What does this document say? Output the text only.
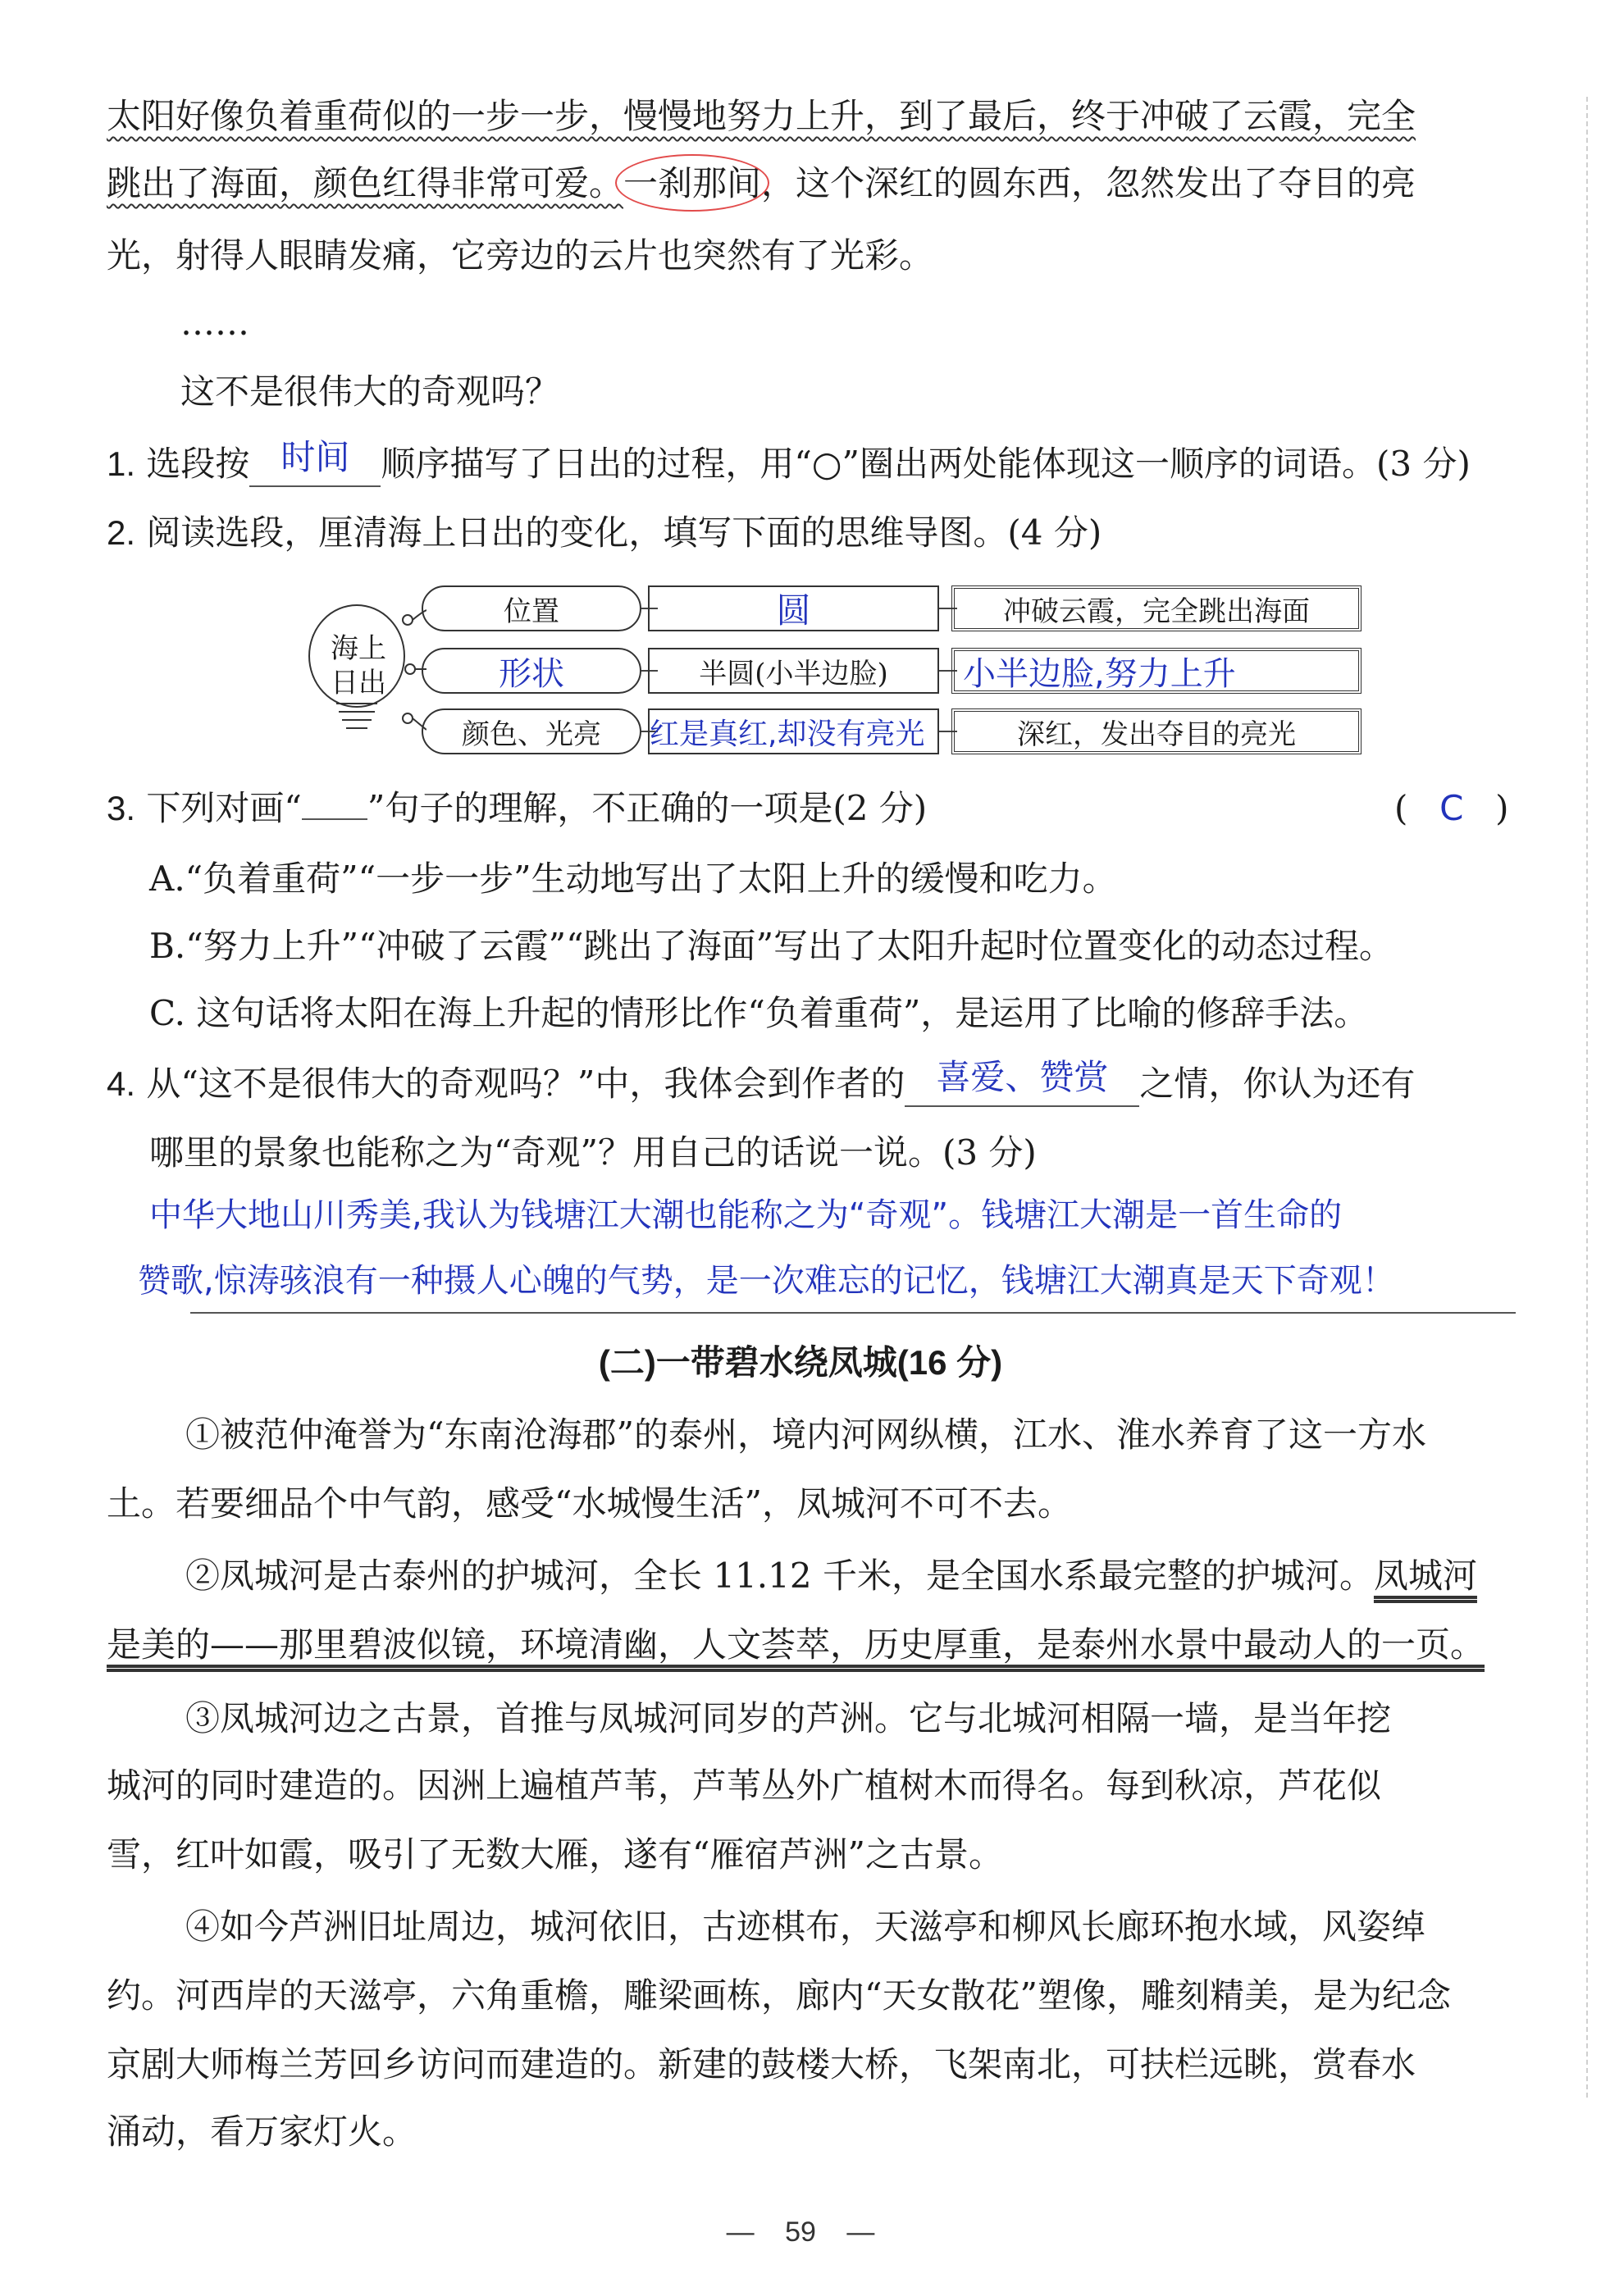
太阳好像负着重荷似的一步一步，慢慢地努力上升，到了最后，终于冲破了云霞，完全
跳出了海面，颜色红得非常可爱。一刹那间，这个深红的圆东西，忽然发出了夺目的亮
光，射得人眼睛发痛，它旁边的云片也突然有了光彩。
……
这不是很伟大的奇观吗？
1. 选段按 时间 顺序描写了日出的过程，用“○”圈出两处能体现这一顺序的词语。(3 分)
2. 阅读选段，厘清海上日出的变化，填写下面的思维导图。(4 分)
海上日出
位置	圆	冲破云霞，完全跳出海面
形状	半圆(小半边脸)	小半边脸,努力上升
颜色、光亮	红是真红,却没有亮光	深红，发出夺目的亮光
3. 下列对画“ ”句子的理解，不正确的一项是(2 分)	( C )
A.“负着重荷”“一步一步”生动地写出了太阳上升的缓慢和吃力。
B.“努力上升”“冲破了云霞”“跳出了海面”写出了太阳升起时位置变化的动态过程。
C. 这句话将太阳在海上升起的情形比作“负着重荷”，是运用了比喻的修辞手法。
4. 从“这不是很伟大的奇观吗？”中，我体会到作者的 喜爱、赞赏 之情，你认为还有
哪里的景象也能称之为“奇观”？用自己的话说一说。(3 分)
中华大地山川秀美,我认为钱塘江大潮也能称之为“奇观”。钱塘江大潮是一首生命的
赞歌,惊涛骇浪有一种摄人心魄的气势，是一次难忘的记忆，钱塘江大潮真是天下奇观！
(二)一带碧水绕凤城(16 分)
①被范仲淹誉为“东南沧海郡”的泰州，境内河网纵横，江水、淮水养育了这一方水
土。若要细品个中气韵，感受“水城慢生活”，凤城河不可不去。
②凤城河是古泰州的护城河，全长 11.12 千米，是全国水系最完整的护城河。凤城河
是美的——那里碧波似镜，环境清幽，人文荟萃，历史厚重，是泰州水景中最动人的一页。
③凤城河边之古景，首推与凤城河同岁的芦洲。它与北城河相隔一墙，是当年挖
城河的同时建造的。因洲上遍植芦苇，芦苇丛外广植树木而得名。每到秋凉，芦花似
雪，红叶如霞，吸引了无数大雁，遂有“雁宿芦洲”之古景。
④如今芦洲旧址周边，城河依旧，古迹棋布，天滋亭和柳风长廊环抱水域，风姿绰
约。河西岸的天滋亭，六角重檐，雕梁画栋，廊内“天女散花”塑像，雕刻精美，是为纪念
京剧大师梅兰芳回乡访问而建造的。新建的鼓楼大桥，飞架南北，可扶栏远眺，赏春水
涌动，看万家灯火。
— 59 —
